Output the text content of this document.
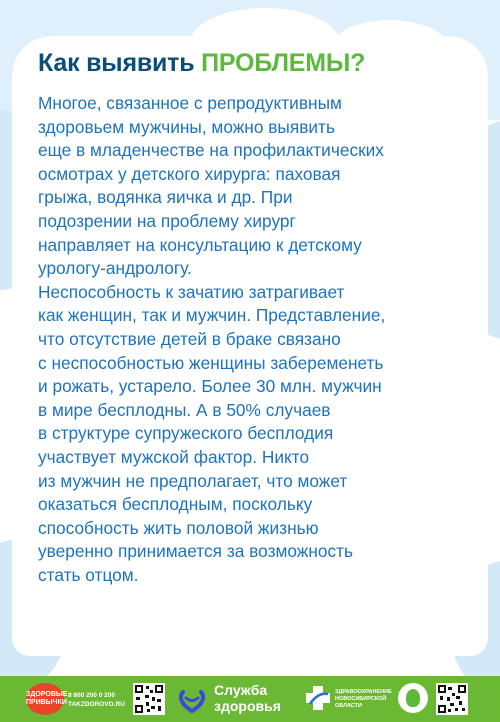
Как выявить ПРОБЛЕМЫ?
Многое, связанное с репродуктивным
здоровьем мужчины, можно выявить
еще в младенчестве на профилактических
осмотрах у детского хирурга: паховая
грыжа, водянка яичка и др. При
подозрении на проблему хирург
направляет на консультацию к детскому
урологу-андрологу.
Неспособность к зачатию затрагивает
как женщин, так и мужчин. Представление,
что отсутствие детей в браке связано
с неспособностью женщины забеременеть
и рожать, устарело. Более 30 млн. мужчин
в мире бесплодны. А в 50% случаев
в структуре супружеского бесплодия
участвует мужской фактор. Никто
из мужчин не предполагает, что может
оказаться бесплодным, поскольку
способность жить половой жизнью
уверенно принимается за возможность
стать отцом.
ЗДОРОВЫЕ ПРИВЫЧКИ
8 800 200 0 200
TAKZDOROVO.RU
Служба
здоровья
ЗДРАВООХРАНЕНИЕ
НОВОСИБИРСКОЙ ОБЛАСТИ
